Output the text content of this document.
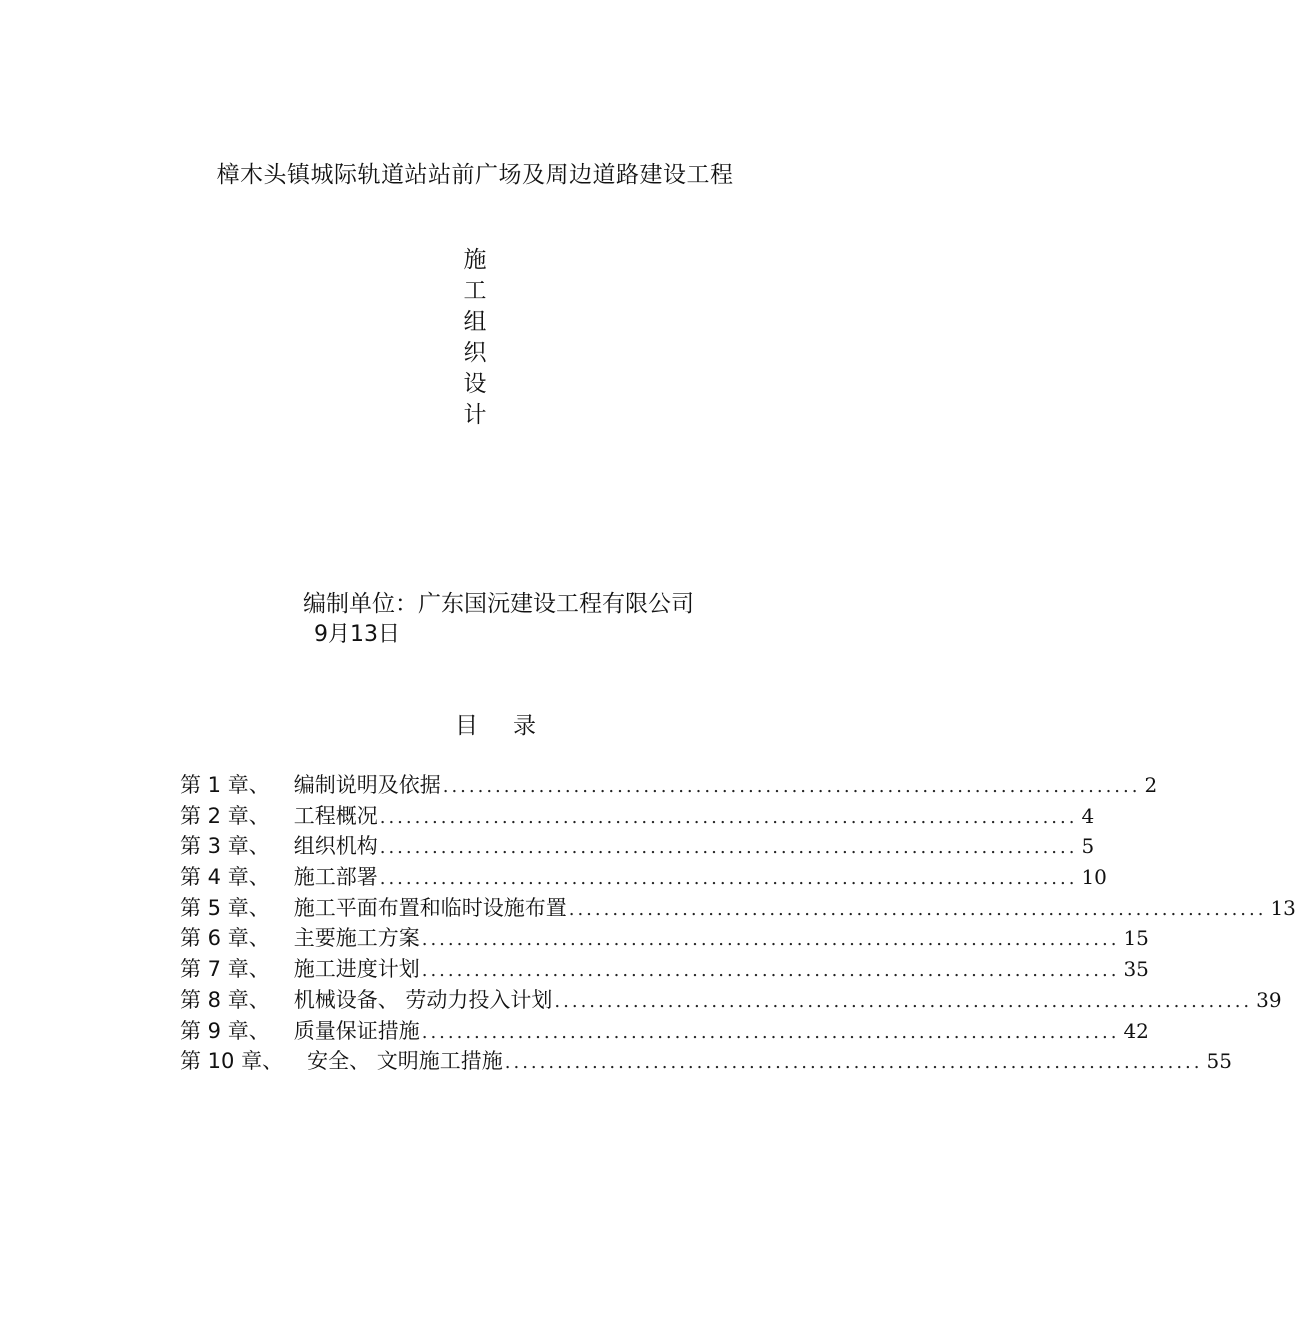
樟木头镇城际轨道站站前广场及周边道路建设工程
施
工
组
织
设
计
编制单位：广东国沅建设工程有限公司
9月13日
目 录
第 1 章、 编制说明及依据 ................................................................................ 2
第 2 章、 工程概况 ................................................................................ 4
第 3 章、 组织机构 ................................................................................ 5
第 4 章、 施工部署 ................................................................................ 10
第 5 章、 施工平面布置和临时设施布置 ................................................................................ 13
第 6 章、 主要施工方案 ................................................................................ 15
第 7 章、 施工进度计划 ................................................................................ 35
第 8 章、 机械设备、 劳动力投入计划 ................................................................................ 39
第 9 章、 质量保证措施 ................................................................................ 42
第 10 章、 安全、 文明施工措施 ................................................................................ 55
